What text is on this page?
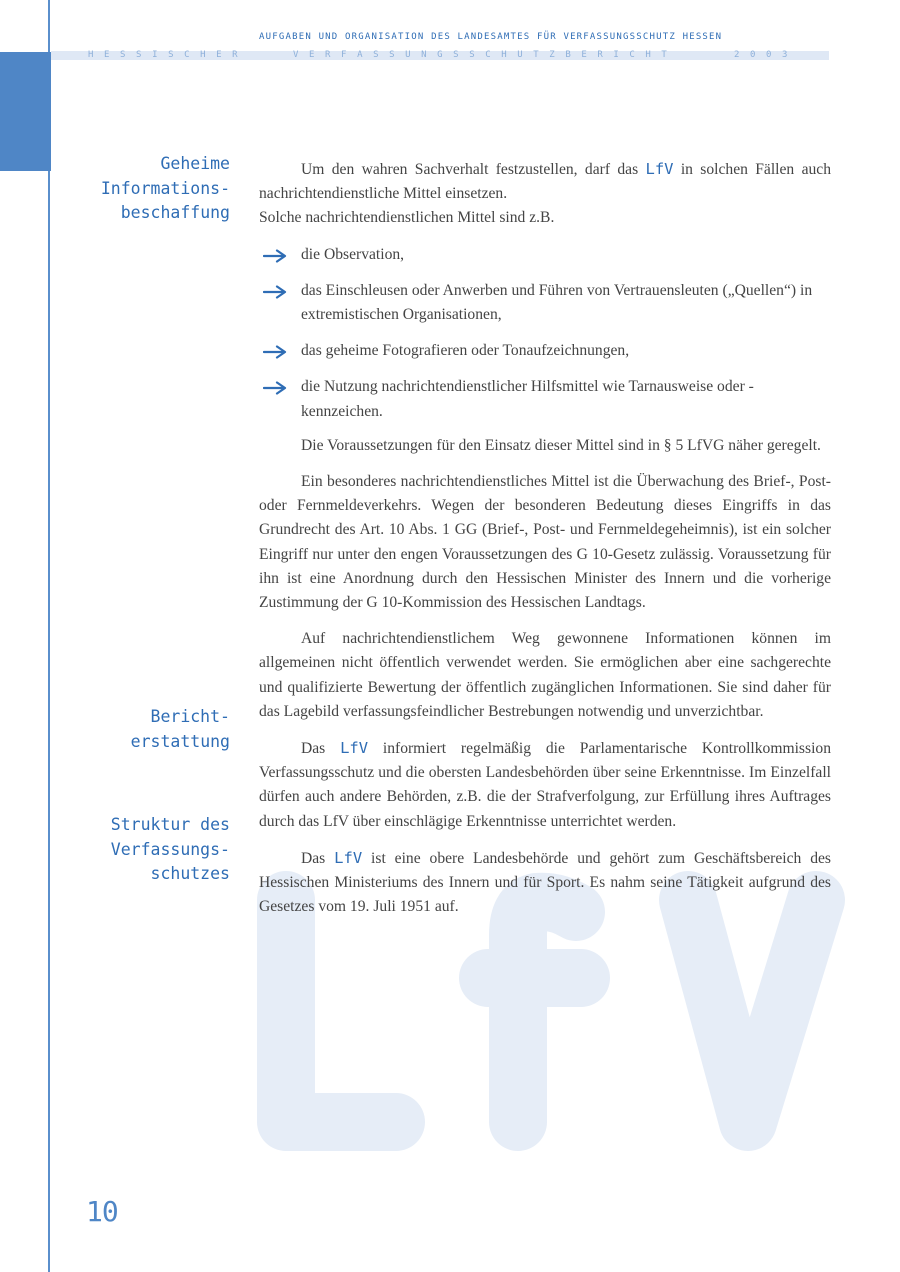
AUFGABEN UND ORGANISATION DES LANDESAMTES FÜR VERFASSUNGSSCHUTZ HESSEN
HESSISCHER	VERFASSUNGSSCHUTZBERICHT	2003
Geheime
Informations-
beschaffung
Bericht-
erstattung
Struktur des
Verfassungs-
schutzes

Um den wahren Sachverhalt festzustellen, darf das LfV in solchen Fällen auch nachrichtendienstliche Mittel einsetzen.

Solche nachrichtendienstlichen Mittel sind z.B.

die Observation,
das Einschleusen oder Anwerben und Führen von Vertrauensleuten („Quellen“) in extremistischen Organisationen,
das geheime Fotografieren oder Tonaufzeichnungen,
die Nutzung nachrichtendienstlicher Hilfsmittel wie Tarnausweise oder -kennzeichen.

Die Voraussetzungen für den Einsatz dieser Mittel sind in § 5 LfVG näher geregelt.

Ein besonderes nachrichtendienstliches Mittel ist die Überwachung des Brief-, Post- oder Fernmeldeverkehrs. Wegen der besonderen Bedeutung dieses Eingriffs in das Grundrecht des Art. 10 Abs. 1 GG (Brief-, Post- und Fernmeldegeheimnis), ist ein solcher Eingriff nur unter den engen Voraussetzungen des G 10-Gesetz zulässig. Voraussetzung für ihn ist eine Anordnung durch den Hessischen Minister des Innern und die vorherige Zustimmung der G 10-Kommission des Hessischen Landtags.

Auf nachrichtendienstlichem Weg gewonnene Informationen können im allgemeinen nicht öffentlich verwendet werden. Sie ermöglichen aber eine sachgerechte und qualifizierte Bewertung der öffentlich zugänglichen Informationen. Sie sind daher für das Lagebild verfassungsfeindlicher Bestrebungen notwendig und unverzichtbar.

Das LfV informiert regelmäßig die Parlamentarische Kontrollkommission Verfassungsschutz und die obersten Landesbehörden über seine Erkenntnisse. Im Einzelfall dürfen auch andere Behörden, z.B. die der Strafverfolgung, zur Erfüllung ihres Auftrages durch das LfV über einschlägige Erkenntnisse unterrichtet werden.

Das LfV ist eine obere Landesbehörde und gehört zum Geschäftsbereich des Hessischen Ministeriums des Innern und für Sport. Es nahm seine Tätigkeit aufgrund des Gesetzes vom 19. Juli 1951 auf.

10
